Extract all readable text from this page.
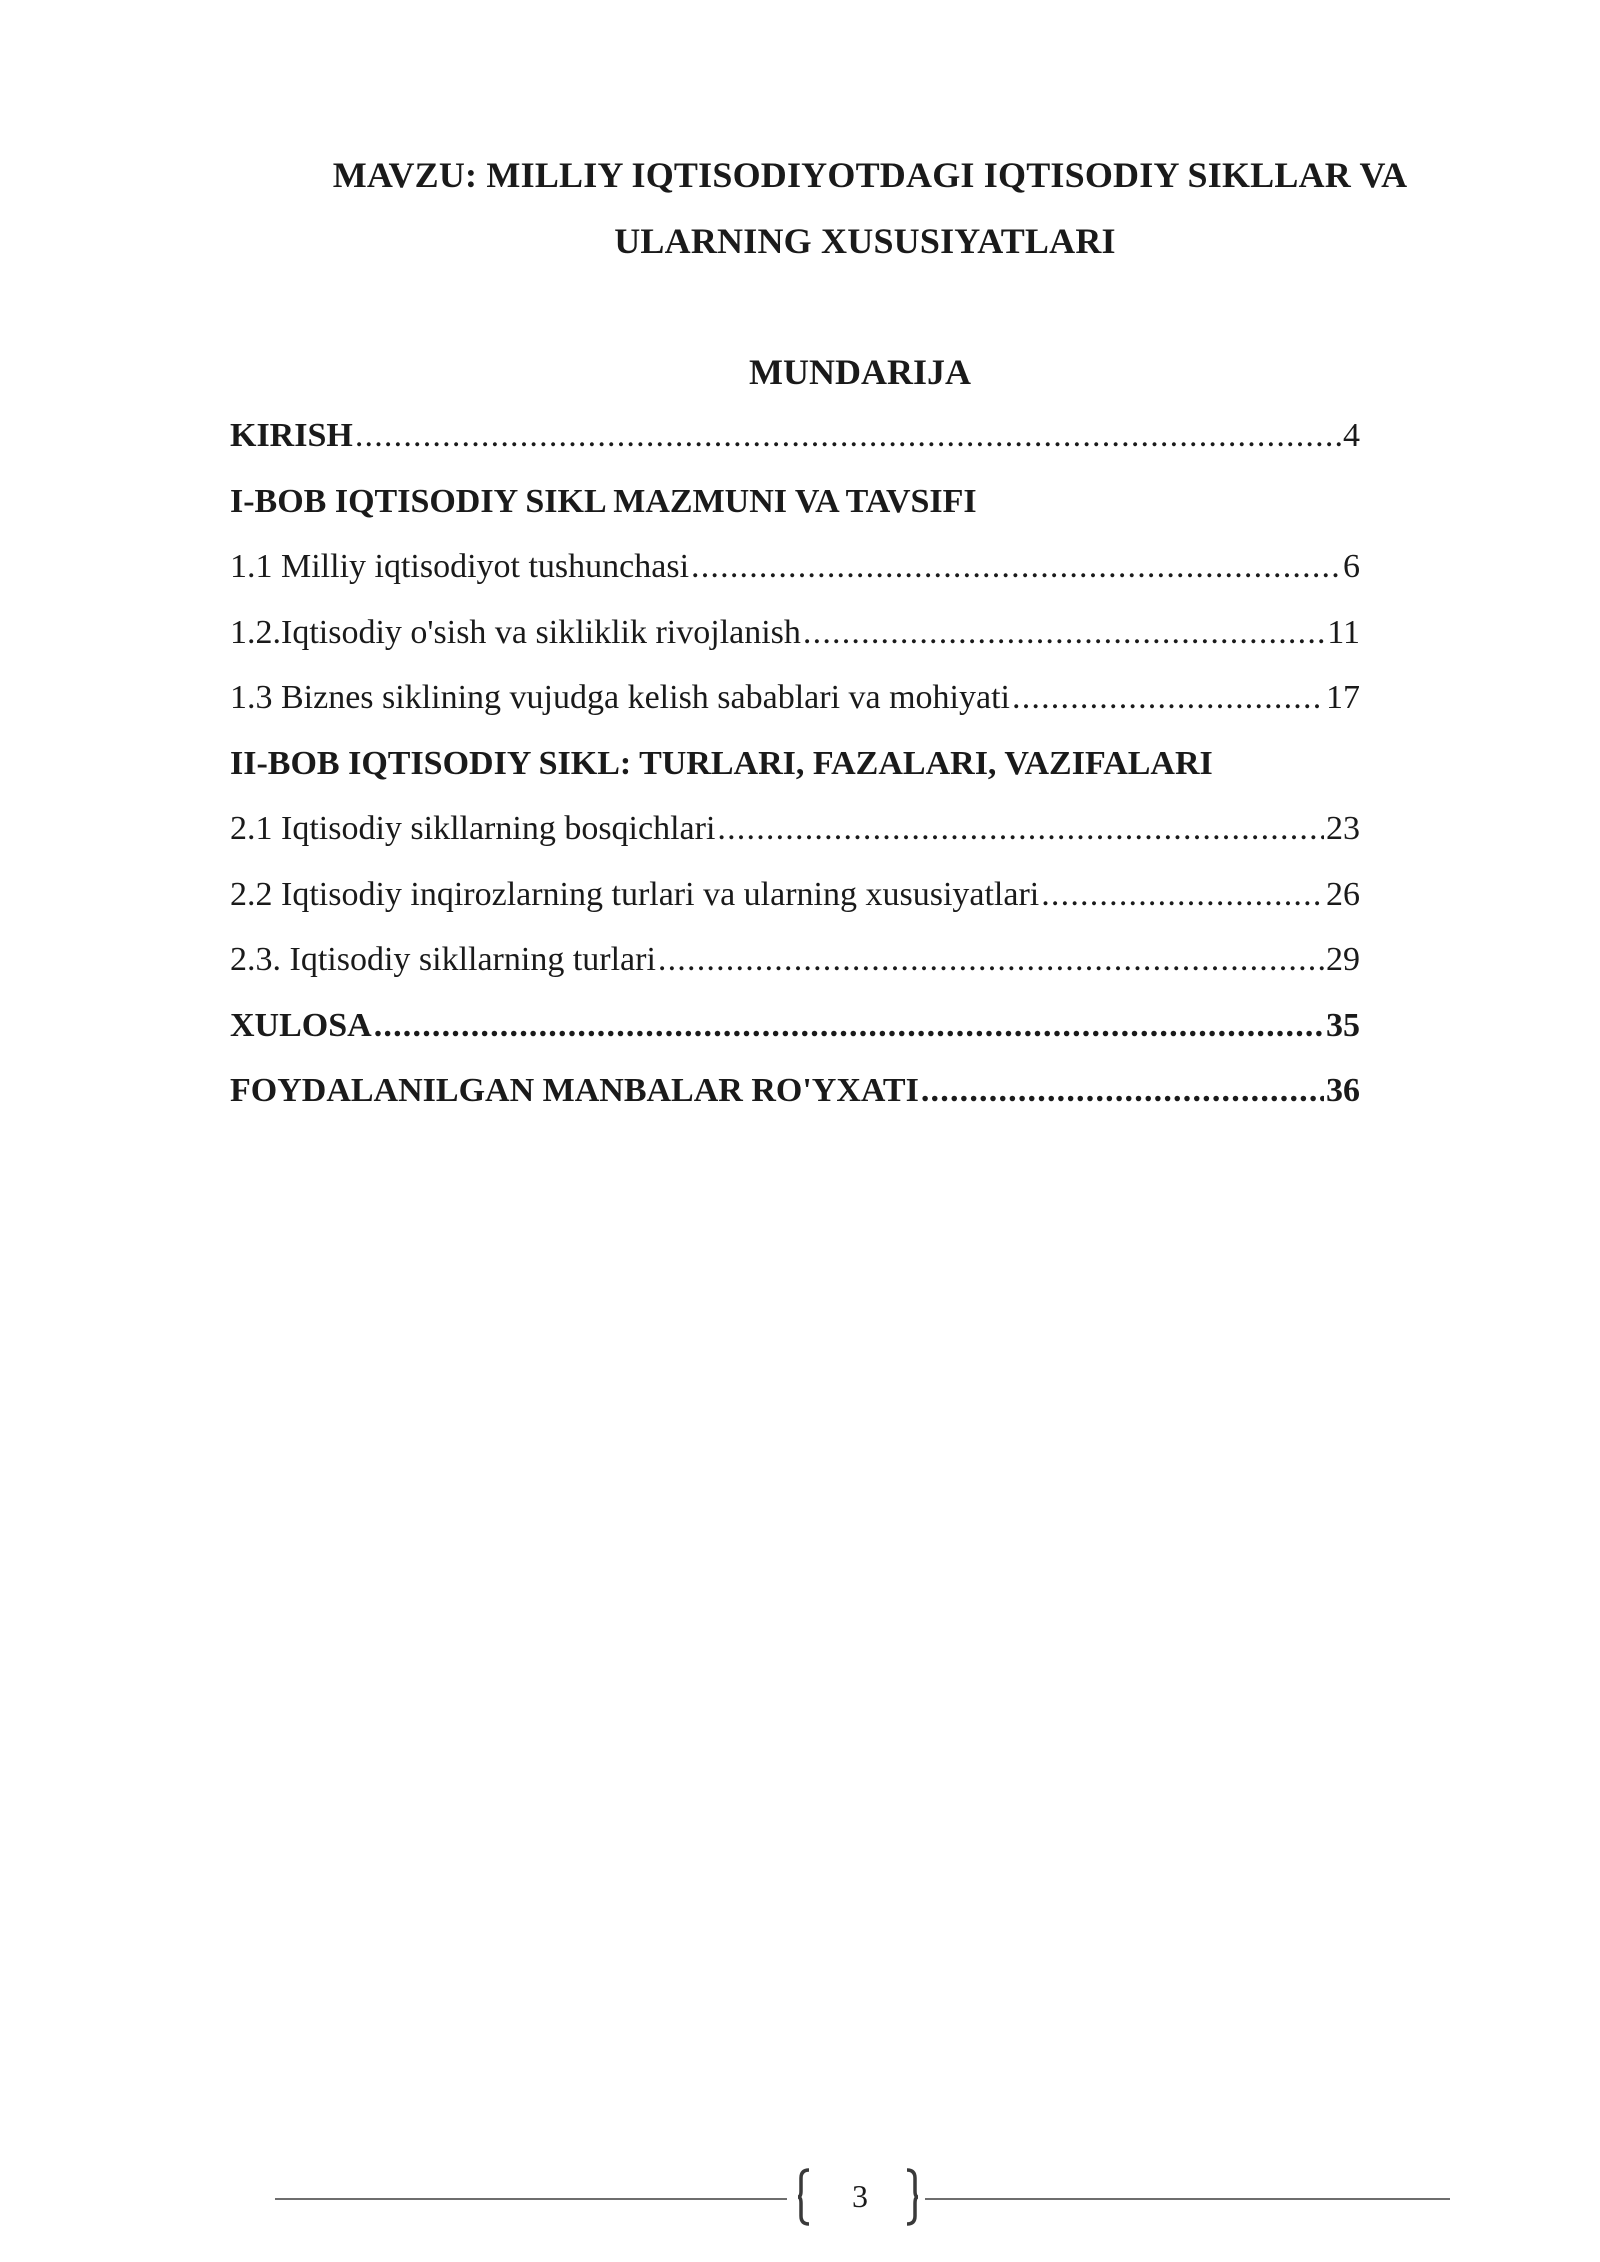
MAVZU: MILLIY IQTISODIYOTDAGI IQTISODIY SIKLLAR VA
ULARNING XUSUSIYATLARI
MUNDARIJA
KIRISH .....	4
I-BOB IQTISODIY SIKL MAZMUNI VA TAVSIFI
1.1 Milliy iqtisodiyot tushunchasi .....	6
1.2.Iqtisodiy o'sish va sikliklik rivojlanish .....	11
1.3 Biznes siklining vujudga kelish sabablari va mohiyati .....	17
II-BOB IQTISODIY SIKL: TURLARI, FAZALARI, VAZIFALARI
2.1 Iqtisodiy sikllarning bosqichlari .....	23
2.2 Iqtisodiy inqirozlarning turlari va ularning xususiyatlari .....	26
2.3. Iqtisodiy sikllarning turlari .....	29
XULOSA .....	35
FOYDALANILGAN MANBALAR RO'YXATI .....	36
3
